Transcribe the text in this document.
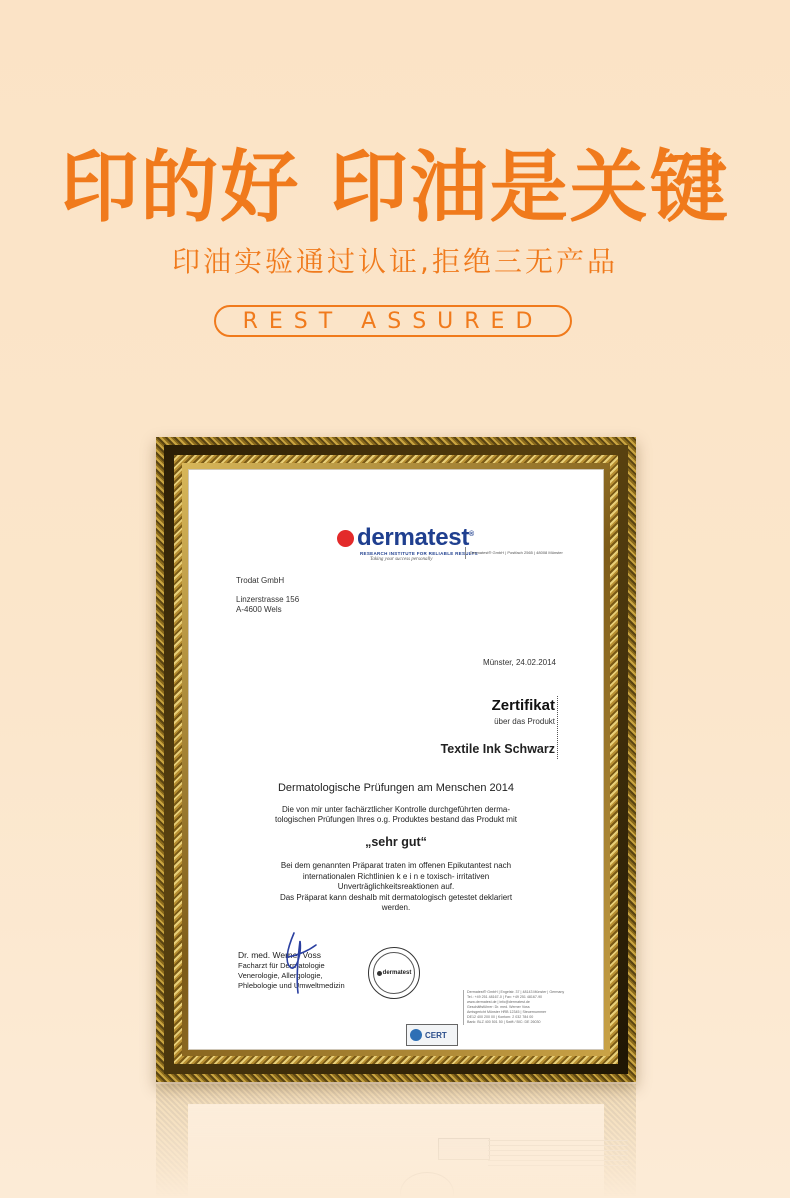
印的好 印油是关键
印油实验通过认证,拒绝三无产品
REST ASSURED
dermatest®
RESEARCH INSTITUTE FOR RELIABLE RESULTS
Taking your success personally
Dermatest® GmbH | Postfach 2565 | 48008 Münster
Trodat GmbH
Linzerstrasse 156
A-4600 Wels
Münster, 24.02.2014
Zertifikat
über das Produkt
Textile Ink Schwarz
Dermatologische Prüfungen am Menschen 2014
Die von mir unter fachärztlicher Kontrolle durchgeführten derma-
tologischen Prüfungen Ihres o.g. Produktes bestand das Produkt mit
„sehr gut“
Bei dem genannten Präparat traten im offenen Epikutantest nach
internationalen Richtlinien k e i n e toxisch- irritativen
Unverträglichkeitsreaktionen auf.
Das Präparat kann deshalb mit dermatologisch getestet deklariert
werden.
Dr. med. Werner Voss
Facharzt für Dermatologie
Venerologie, Allergologie,
Phlebologie und Umweltmedizin
dermatest
Dermatest® GmbH | Engelstr. 37 | 48143 Münster | Germany
Tel.: +49 251 48167-0 | Fax: +49 251 48167-90
www.dermatest.de | info@dermatest.de
Geschäftsführer: Dr. med. Werner Voss
Amtsgericht Münster HRB 12345 | Steuernummer
DE12 400 200 00 | Kontonr. 2 032 784 00
Bank: BLZ 400 501 50 | Swift / BIC: DE 26030
CERT
